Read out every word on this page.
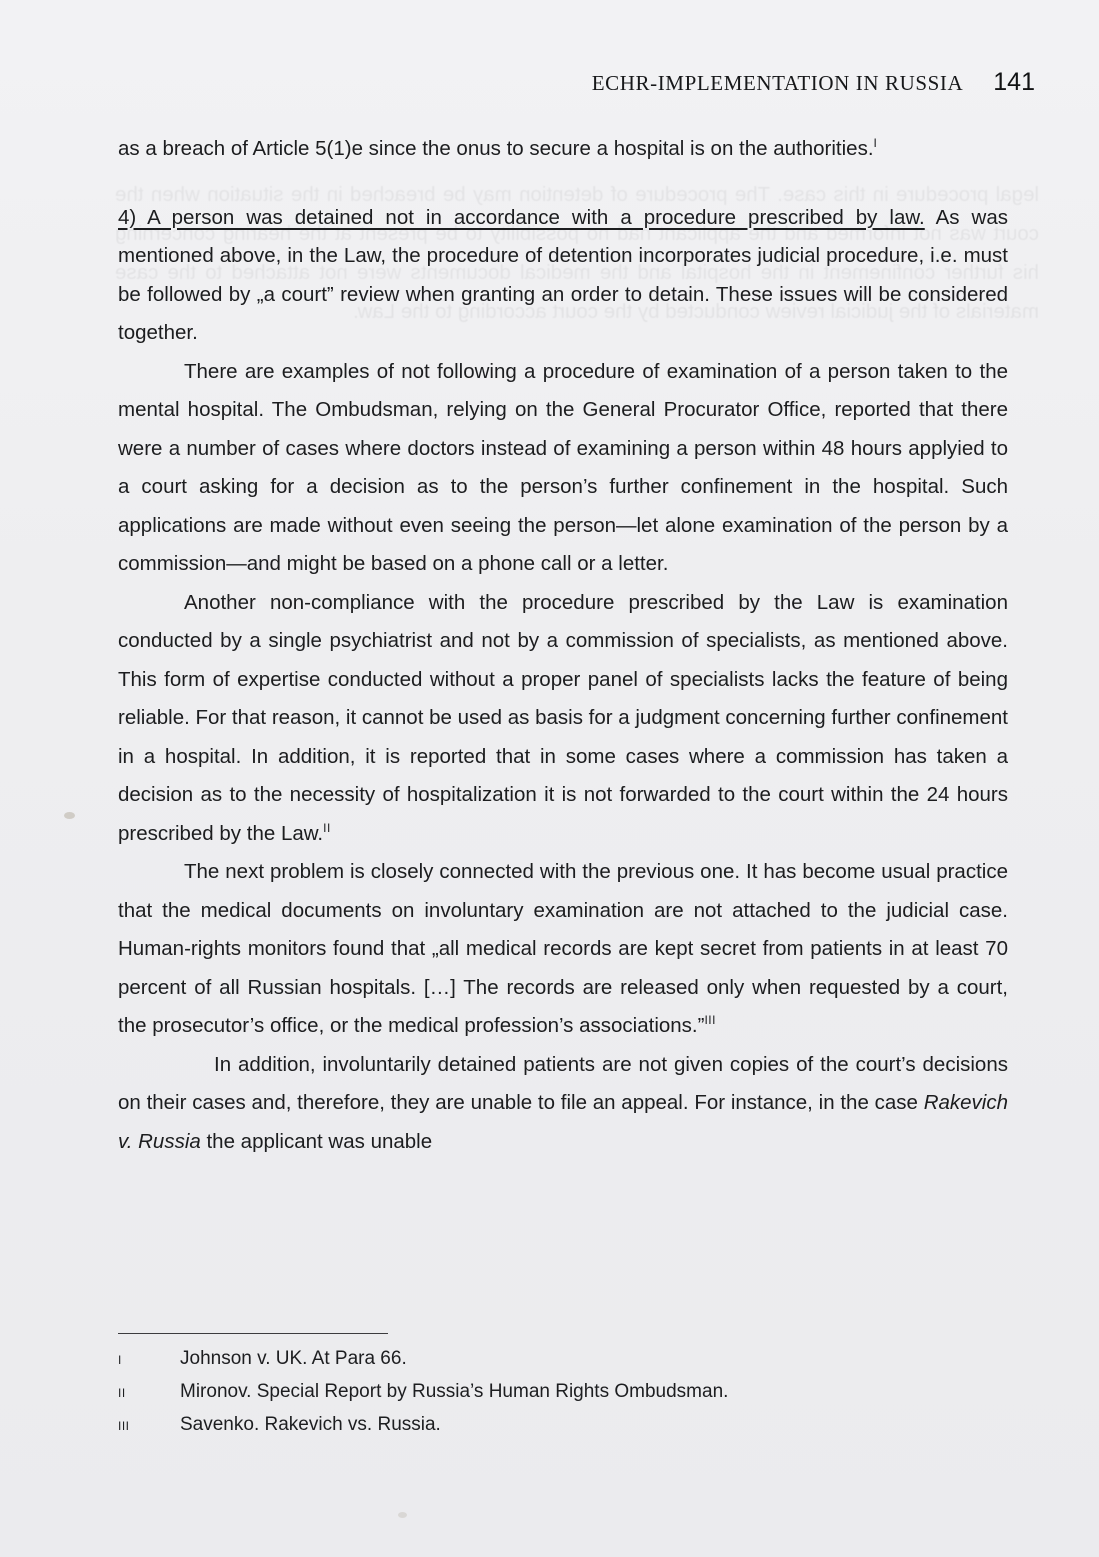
legal procedure in this case. The procedure of detention may be breached in the situation when the court was not informed and the applicant had no possibility to be present at the hearing concerning his further confinement in the hospital and the medical documents were not attached to the case materials of the judicial review conducted by the court according to the Law.
ECHR-IMPLEMENTATION IN RUSSIA 141

as a breach of Article 5(1)e since the onus to secure a hospital is on the authorities.$^I$

4) A person was detained not in accordance with a procedure prescribed by law. As was mentioned above, in the Law, the procedure of detention incorporates judicial procedure, i.e. must be followed by „a court” review when granting an order to detain. These issues will be considered together.

There are examples of not following a procedure of examination of a person taken to the mental hospital. The Ombudsman, relying on the General Procurator Office, reported that there were a number of cases where doctors instead of examining a person within 48 hours applyied to a court asking for a decision as to the person’s further confinement in the hospital. Such applications are made without even seeing the person—let alone examination of the person by a commission—and might be based on a phone call or a letter.

Another non-compliance with the procedure prescribed by the Law is examination conducted by a single psychiatrist and not by a commission of specialists, as mentioned above. This form of expertise conducted without a proper panel of specialists lacks the feature of being reliable. For that reason, it cannot be used as basis for a judgment concerning further confinement in a hospital. In addition, it is reported that in some cases where a commission has taken a decision as to the necessity of hospitalization it is not forwarded to the court within the 24 hours prescribed by the Law.$^{II}$

The next problem is closely connected with the previous one. It has become usual practice that the medical documents on involuntary examination are not attached to the judicial case. Human-rights monitors found that „all medical records are kept secret from patients in at least 70 percent of all Russian hospitals. […] The records are released only when requested by a court, the prosecutor’s office, or the medical profession’s associations.”$^{III}$

In addition, involuntarily detained patients are not given copies of the court’s decisions on their cases and, therefore, they are unable to file an appeal. For instance, in the case Rakevich v. Russia the applicant was unable

I	Johnson v. UK. At Para 66.
II	Mironov. Special Report by Russia’s Human Rights Ombudsman.
III	Savenko. Rakevich vs. Russia.
